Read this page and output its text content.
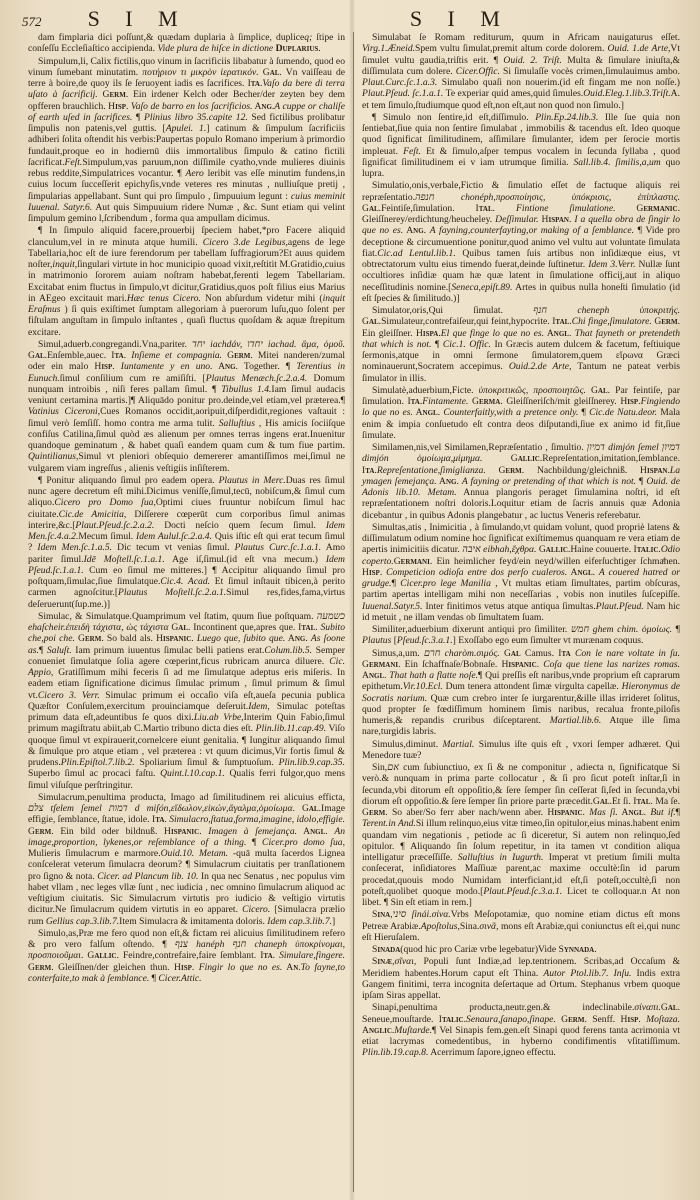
572 S I M	S I M

dam fimplaria dici poſſunt,& quædam duplaria à ſimplice, dupliceq; ſtipe in conſeſſu Eccleſiaſtico accipienda. Vide plura de hiſce in dictione Duplarius.

Simpulum,li, Calix fictilis,quo vinum in ſacrificiis libabatur à ſumendo, quod eo vinum ſumebant minutatim. ποτήριον τι μικρὸν ἱερατικόν. Gal. Vn vaiſſeau de terre à boire,de quoy ils ſe ſeruoyent iadis es ſacrifices. Ita.Vaſo da bere di terra uſato à ſacrificij. Germ. Ein irdener Kelch oder Becher/der zeyten bey dem opfferen brauchlich. Hisp. Vaſo de barro en los ſacrificios. Ang.A cuppe or chaliſe of earth uſed in ſacrifices. ¶ Plinius libro 35.capite 12. Sed fictilibus prolibatur ſimpulis non patenis,vel guttis. [Apulei. 1.] catinum & ſimpulum ſacrificiis adhiberi ſolita oſtendit his verbis:Paupertas populo Romano imperium à primordio fundauit,proque eo in hodiernū diis immortalibus ſimpulo & catino fictili ſacrificat.Feſt.Simpulum,vas paruum,non diſſimile cyatho,vnde mulieres diuinis rebus reddite,Simpulatrices vocantur. ¶ Aero leribit vas eſſe minutim fundens,in cuius locum ſucceſſerit epichyſis,vnde veteres res minutas , nulliuſque pretij , ſimpularias appellabant. Sunt qui pro ſimpulo , ſimpuuium legunt : cuius meminit Iuuenal. Satyr.6. Aut quis Simpuuium ridere Numæ , &c. Sunt etiam qui velint ſimpulum gemino l,ſcribendum , forma qua ampullam dicimus.

¶ In ſimpulo aliquid facere,prouerbij ſpeciem habet,*pro Facere aliquid clanculum,vel in re minuta atque humili. Cicero 3.de Legibus,agens de lege Tabellaria,hoc eſt de iure ferendorum per tabellam ſuffragiorum?Et auus quidem noſter,inquit,ſingulari virtute in hoc municipio quoad vixit,reſtitit M.Gratidio,cuius in matrimonio ſororem auiam noſtram habebat,ferenti legem Tabellariam. Excitabat enim fluctus in ſimpulo,vt dicitur,Gratidius,quos poſt filius eius Marius in AEgeo excitauit mari.Hæc tenus Cicero. Non abſurdum videtur mihi (inquit Eraſmus ) ſi quis exiſtimet ſumptam allegoriam à puerorum luſu,quo ſolent per fiſtulam anguſtam in ſimpulo inſtantes , quaſi fluctus quoſdam & aquæ ſtrepitum excitare.

Simul,aduerb.congregandi.Vna,pariter. יחד iachdáv, יחדו iachad. ἅμα, ὁμοῦ. Gal.Enſemble,auec. Ita. Inſieme et compagnia. Germ. Mitei nanderen/zumal oder ein malo Hisp. Iuntamente y en uno. Ang. Together. ¶ Terentius in Eunuch.ſimul conſilium cum re amiſiſti. [Plautus Menæch.ſc.2.a.4. Domum nunquam introibis , niſi feres pallam ſimul. ¶ Tibullus 1.4.Iam ſimul audacis veniunt certamina martis.]¶ Aliquādo ponitur pro.deinde,vel etiam,vel præterea.¶ Vatinius Ciceroni,Cues Romanos occidit,aoripuit,diſperdidit,regiones vaſtauit : ſimul verò ſemſiſſ. homo contra me arma tulit. Salluſtius , His amicis ſociiſque confiſus Catilina,ſimul quòd æs alienum per omnes terras ingens erat.Inuenitur quandoque geminatum , & habet quaſi eandem quam cum & tum fiue partim. Quintilianus,Simul vt pleniori obſequio demererer amantiſſimos mei,ſimul ne vulgarem viam ingreſſus , alienis veſtigiis inſiſterem.

¶ Ponitur aliquando ſimul pro eadem opera. Plautus in Merc.Duas res ſimul nunc agere decretum eſt mihi.Dicimus veniſſe,ſimul,tecū, nobiſcum,& ſimul cum aliquo.Cicero pro Domo ſua,Optimi ciues fruuntur nobiſcum ſimul hac ciuitate.Cic.de Amicitia, Diſſerere cœperūt cum corporibus ſimul animas interire,&c.[Plaut.Pſeud.ſc.2.a.2. Docti neſcio quem ſecum ſimul. Idem Men.ſc.4.a.2.Mecum ſimul. Idem Aulul.ſc.2.a.4. Quis iſtic eſt qui erat tecum ſimul ? Idem Men.ſc.1.a.5. Dic tecum vt venias ſimul. Plautus Curc.ſc.1.a.1. Amo pariter ſimul.Idē Moſtell.ſc.1.a.1. Age iſ,ſimul.(id eſt vna mecum.) Idem Pſeud.ſc.1.a.1. Cum eo ſimul me mitteres.] ¶ Accipitur aliquando ſimul pro poſtquam,ſimulac,ſiue ſimulatque.Cic.4. Acad. Et ſimul inſtauit tibicen,à perito carmen agnoſcitur.[Plautus Moſtell.ſc.2.a.1.Simul res,fides,fama,virtus deſeruerunt(ſup.me.)]

Simulac, & Simulatque.Quamprimum vel ſtatim, quum ſiue poſtquam. כשמעה ehaſcheir.ἐπειδὴ τάχιστα, ὡς τάχιστα Gal. Incontinent que,apres que. Ital. Subito che,poi che. Germ. So bald als. Hispanic. Luego que, ſubito que. Ang. As ſoone as.¶ Saluſt. Iam primum iuuentus ſimulac belli patiens erat.Colum.lib.5. Semper conueniet ſimulatque ſolia agere cœperint,ficus rubricam anurca diluere. Cic. Appio, Gratiſſimum mihi feceris ſi ad me ſimulatque adeptus eris miſeris. In eadem etiam ſignificatione dicimus ſimulac primum , ſimul primum & ſimul vt.Cicero 3. Verr. Simulac primum ei occaſio viſa eſt,aueſa pecunia publica Quæſtor Conſulem,exercitum prouinciamque deſeruit.Idem, Simulac poteſtas primum data eſt,adeuntibus ſe quos dixi.Liu.ab Vrbe,Interim Quin Fabio,ſimul primum magiſtratu abiit,ab C.Martio tribuno dicta dies eſt. Plin.lib.11.cap.49. Viſo quoque ſimul vt expirauerit,cornelcere eiunt genitalia. ¶ Iungitur aliquando ſimul & ſimulque pro atque etiam , vel præterea : vt quum dicimus,Vir fortis ſimul & prudens.Plin.Epiſtol.7.lib.2. Spoliarium ſimul & ſumptuoſum. Plin.lib.9.cap.35. Superbo ſimul ac procaci faſtu. Quint.l.10.cap.1. Qualis ferri fulgor,quo mens ſimul viſuſque perſtringitur.

Simulacrum,penultima producta, Imago ad ſimilitudinem rei alicuius efficta, צלם tſelem ſemel דמות d miſón,εἴδωλον,εἰκών,ἄγαλμα,ὁμοίωμα. Gal.Image effigie, ſemblance, ſtatue, idole. Ita. Simulacro,ſtatua,forma,imagine, idolo,effigie. Germ. Ein bild oder bildnuß. Hispanic. Imagen à ſemejança. Angl. An image,proportion, lykenes,or reſemblance of a thing. ¶ Cicer.pro domo ſua, Mulieris ſimulacrum e marmore.Ouid.10. Metam. -quā multa ſacerdos Lignea conſcelerat veterum ſimulacra deorum? ¶ Simulacrum ciuitatis per tranſlationem pro ſigno & nota. Cicer. ad Plancum lib. 10. In qua nec Senatus , nec populus vim habet vllam , nec leges vllæ ſunt , nec iudicia , nec omnino ſimulacrum aliquod ac veſtigium ciuitatis. Sic Simulacrum virtutis pro iudicio & veſtigio virtutis dicitur.Ne ſimulacrum quidem virtutis in eo apparet. Cicero. [Simulacra prælio rum Gellius cap.3.lib.7.Item Simulacra & imitamenta doloris. Idem cap.3.lib.7.]

Simulo,as,Præ me fero quod non eſt,& fictam rei alicuius ſimilitudinem refero & pro vero falſum oſtendo. ¶ צנף hanéph חנף chaneph ὑποκρίνομαι, προσποιοῦμαι. Gallic. Feindre,contrefaire,faire ſemblant. Ita. Simulare,fingere. Germ. Gleiſſnen/der gleichen thun. Hisp. Fingir lo que no es. An.To fayne,to conterfaite,to mak à ſemblance. ¶ Cicer.Attic.

Simulabat ſe Romam rediturum, quum in Africam nauigaturus eſſet. Virg.1.Æneid.Spem vultu ſimulat,premit altum corde dolorem. Ouid. 1.de Arte,Vt ſimulet vultu gaudia,triſtis erit. ¶ Ouid. 2. Triſt. Multa & ſimulare iniuſta,& diſſimulata cum dolere. Cicer.Offic. Si ſimulaſſe vocès crimen,ſimulauimus ambo. Plaut.Curc.ſc.1.a.3. Simulabo quaſi non nouerim.(id eſt fingam me non noſſe.) Plaut.Pſeud. ſc.1.a.1. Te experiar quid ames,quid ſimules.Ouid.Eleg.1.lib.3.Triſt.A. et tem ſimulo,ſtudiumque quod eſt,non eſt,aut non quod non ſimulo.]

¶ Simulo non ſentire,id eſt,diſſimulo. Plin.Ep.24.lib.3. Ille ſue quia non ſentiebat,ſiue quia non ſentire ſimulabat , immobilis & tacendus eſt. Ideo quoque quod ſignificat ſimilitudinem, aſſimilare ſimulanter, idem per ſerocie mortis impleuat. Feſt. Et & ſimulo,aſper tempus vocalem in ſecunda ſyllaba , quod ſignificat ſimilitudinem ei v iam utrumque ſimilia. Sall.lib.4. ſimilis,a,um quo lupra.

Simulatio,onis,verbale,Fictio & ſimulatio eſſet de factuque aliquis rei repræſentatio.חנפה	chonéph,προσποίησις, ὑπόκρισις, ἐπίπλαστις. Gal.Feintiſe,ſimulation. Ital. Fintione ſimulatione. Germanic. Gleiſſnerey/erdichtung/heucheley. Deſſimular. Hispan. I a quella obra de ſingir lo que no es. Ang. A fayning,counterfayting,or making of a ſemblance. ¶ Vide pro deceptione & circumuentione ponitur,quod animo vel vultu aut voluntate ſimulata fiat.Cic.ad Lentul.lib.1. Quibus tamen ſuis artibus non inſidiæque eius, vt obtrectatorum vultu eius timendo fuerat,deinde ſuſtinetur. Idem 3.Verr. Nullæ ſunt occultiores inſidiæ quam hæ quæ latent in ſimulatione officij,aut in aliquo neceſſitudinis nomine.[Seneca,epiſt.89. Artes in quibus nulla honeſti ſimulatio (id eſt ſpecies & ſimilitudo.)]

Simulator,oris,Qui ſimulat. חנף	cheneph ὑποκριτής. Gal.Simulateur,contrefaiſeur,qui feint,hypocrite. Ital.Chi finge,ſimulatore. Germ. Ein gleiſſner. Hispa.El que finge lo que no es. Angl. That fayneth or pretendeth that which is not. ¶ Cic.1. Offic. In Græcis autem dulcem & facetum, feſtiuique ſermonis,atque in omni ſermone ſimulatorem,quem εἴρωνα Græci nominauerunt,Socratem accepimus. Ouid.2.de Arte, Tantum ne pateat verbis ſimulator in illis.

Simulatè,aduerbium,Ficte. ὑποκριτικῶς, προσποιητῶς. Gal. Par feintiſe, par ſimulation. Ita.Fintamente. Germa. Gleiſſneriſch/mit gleiſſnerey. Hisp.Fingiendo lo que no es. Angl. Counterfaitly,with a pretence only. ¶ Cic.de Natu.deor. Mala enim & impia conſuetudo eſt contra deos diſputandi,ſiue ex animo id fit,ſiue ſimulate.

Similamen,nis,vel Similamen,Repræſentatio , ſimultio. דמיון dimjón ſemel דמיון dimjón ὁμοίωμα,μίμημα. Gallic.Repreſentation,imitation,ſemblance. Ita.Repreſentatione,ſimiglianza. Germ. Nachbildung/gleichniß. Hispan.La ymagen ſemejança. Ang. A fayning or pretending of that which is not. ¶ Ouid. de Adonis lib.10. Metam. Annua plangoris peraget ſimulamina noſtri, id eſt repræſentationem noſtri doloris.Loquitur etiam de ſacris annuis quæ Adonia dicebantur , in quibus Adonis plangebatur , ac luctus Veneris referebatur.

Simultas,atis , Inimicitia , à ſimulando,vt quidam volunt, quod propriè latens & diſſimulatum odium nomine hoc ſignificat exiſtimemus quanquam re vera etiam de apertis inimicitiis dicatur. איבה eibhah,ἔχθρα. Gallic.Haine couuerte. Italic.Odio coperto.Germani. Ein heimlicher feyd/ein neyd/willen eiferſuchtiger ſchmaͤhen. Hisp. Competicion odioſa entre dos perſo cualeros. Angl. A couered hatred or grudge.¶ Cicer.pro lege Manilia , Vt multas etiam ſimultates, partim obſcuras, partim apertas intelligam mihi non neceſſarias , vobis non inutiles ſuſcepiſſe. Iuuenal.Satyr.5. Inter finitimos vetus atque antiqua ſimultas.Plaut.Pſeud. Nam hic id metuit , ne illam vendas ob ſimultatem ſuam.

Similiter,aduerbium dixerunt antiqui pro ſimiliter. חמש ghem chim. ὁμοίως. ¶ Plautus [Pſeud.ſc.3.a.1.] Exoſſabo ego eum ſimulter vt murænam coquus.

Simus,a,um. חרם charòm.σιμός. Gal Camus. Ita Con le nare voltate in ſu. Germani. Ein ſchaffnaſe/Bobnaſe. Hispanic. Coſa que tiene las narizes romas. Angl. That hath a flatte noſe.¶ Qui preſſis eſt naribus,vnde proprium eſt caprarum epithetum.Vir.10.Ecl. Dum tenera attondent ſimæ virgulta capellæ. Hieronymus de Socratis narium. Quæ cum crebro inter ſe iurgarentur,&ille illas irrideret ſolitus, quod propter ſe fœdiſſimum hominem ſimis naribus, recalua fronte,piloſis humeris,& repandis cruribus diſceptarent. Martial.lib.6. Atque ille ſima nare,turgidis labris.

Simulus,diminut. Martial. Simulus iſte quis eſt , vxori ſemper adhæret. Qui Menedore tuæ?

Sin,אם cum ſubiunctiuo, ex ſi & ne componitur , adiecta n, ſignificatque Si verò.& nunquam in prima parte collocatur , & ſi pro ſicut poteſt inſtar,ſi in ſecunda,vbi ditorum eſt oppoſitio,& ſere ſemper ſin ceſſerat ſi,ſed in ſecunda,vbi diorum eſt oppoſitio.& ſere ſemper ſin priore parte præcedit.Gal.Et ſi. Ital. Ma ſe. Germ. So aber/So ferr aber nach/wenn aber. Hispanic. Mas ſi. Angl. But if.¶ Terent.in And.Si illum relinquo,eius vitæ timeo,ſin opitulor,eius minas.habent enim quandam vim negationis , petiode ac ſi diceretur, Si autem non relinquo,ſed opitulor. ¶ Aliquando ſin ſolum repetitur, in ita tamen vt condition aliqua intelligatur præceſſiſſe. Salluſtius in Iugurth. Imperat vt pretium ſimili multa conſecerat, inſidiatores Maſſiuæ parent,ac maxime occultè:ſin id parum procedat,quouis modo Numidam interficiant,id eſt,ſi poteſt,occultè,ſi non poteſt,quolibet quoque modo.[Plaut.Pſeud.ſc.3.a.1. Licet te colloquar.n At non libet. ¶ Sin eſt etiam in rem.]

Sina,סיני ſinái.σίνα.Vrbs Meſopotamiæ, quo nomine etiam dictus eſt mons Petreæ Arabiæ.Apoſtolus,Sina.σινᾶ, mons eſt Arabiæ,qui coniunctus eſt ei,qui nunc eſt Hieruſalem.

Sinada(quod hic pro Cariæ vrbe legebatur)Vide Synnada.

Sinæ,σῖναι, Populi ſunt Indiæ,ad lep.tentrionem. Scribas,ad Occaſum & Meridiem habentes.Horum caput eſt Thina. Autor Ptol.lib.7. Inſu. Indis extra Gangem finitimi, terra incognita deſertaque ad Ortum. Stephanus vrbem quoque ipſam Siras appellat.

Sinapi,penultima producta,neutr.gen.& indeclinabile.σίναπι.Gal. Seneue,mouſtarde. Italic.Senaura,ſanapo,ſinape. Germ. Senff. Hisp. Moſtaza. Anglic.Muſtarde.¶ Vel Sinapis fem.gen.eſt Sinapi quod ferens tanta acrimonia vt etiat lacrymas comedentibus, in hyberno condifimentis vſitatiſſimum. Plin.lib.19.cap.8. Acerrimum ſapore,igneo effectu.
